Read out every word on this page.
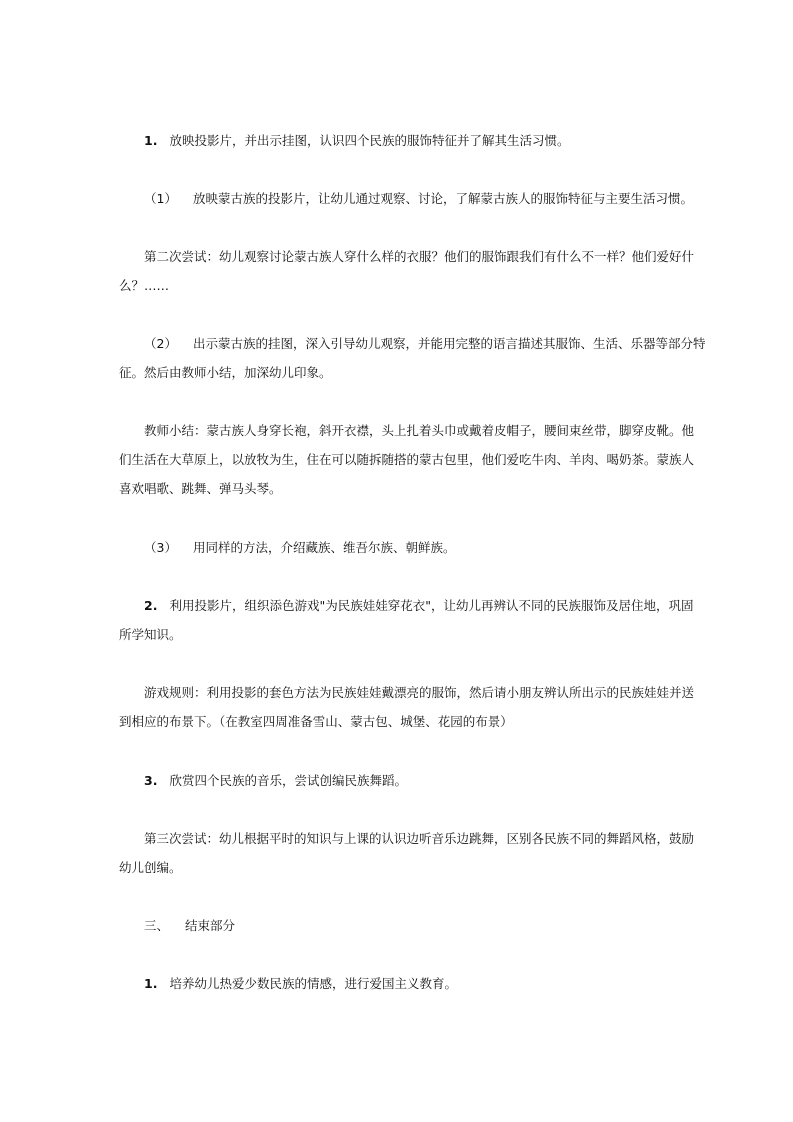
1. 放映投影片，并出示挂图，认识四个民族的服饰特征并了解其生活习惯。
（1） 放映蒙古族的投影片，让幼儿通过观察、讨论，了解蒙古族人的服饰特征与主要生活习惯。
第二次尝试：幼儿观察讨论蒙古族人穿什么样的衣服？他们的服饰跟我们有什么不一样？他们爱好什
么？……
（2） 出示蒙古族的挂图，深入引导幼儿观察，并能用完整的语言描述其服饰、生活、乐器等部分特
征。然后由教师小结，加深幼儿印象。
教师小结：蒙古族人身穿长袍，斜开衣襟，头上扎着头巾或戴着皮帽子，腰间束丝带，脚穿皮靴。他
们生活在大草原上，以放牧为生，住在可以随拆随搭的蒙古包里，他们爱吃牛肉、羊肉、喝奶茶。蒙族人
喜欢唱歌、跳舞、弹马头琴。
（3） 用同样的方法，介绍藏族、维吾尔族、朝鲜族。
2. 利用投影片，组织添色游戏"为民族娃娃穿花衣"，让幼儿再辨认不同的民族服饰及居住地，巩固
所学知识。
游戏规则：利用投影的套色方法为民族娃娃戴漂亮的服饰，然后请小朋友辨认所出示的民族娃娃并送
到相应的布景下。（在教室四周准备雪山、蒙古包、城堡、花园的布景）
3. 欣赏四个民族的音乐，尝试创编民族舞蹈。
第三次尝试：幼儿根据平时的知识与上课的认识边听音乐边跳舞，区别各民族不同的舞蹈风格，鼓励
幼儿创编。
三、 结束部分
1. 培养幼儿热爱少数民族的情感，进行爱国主义教育。
